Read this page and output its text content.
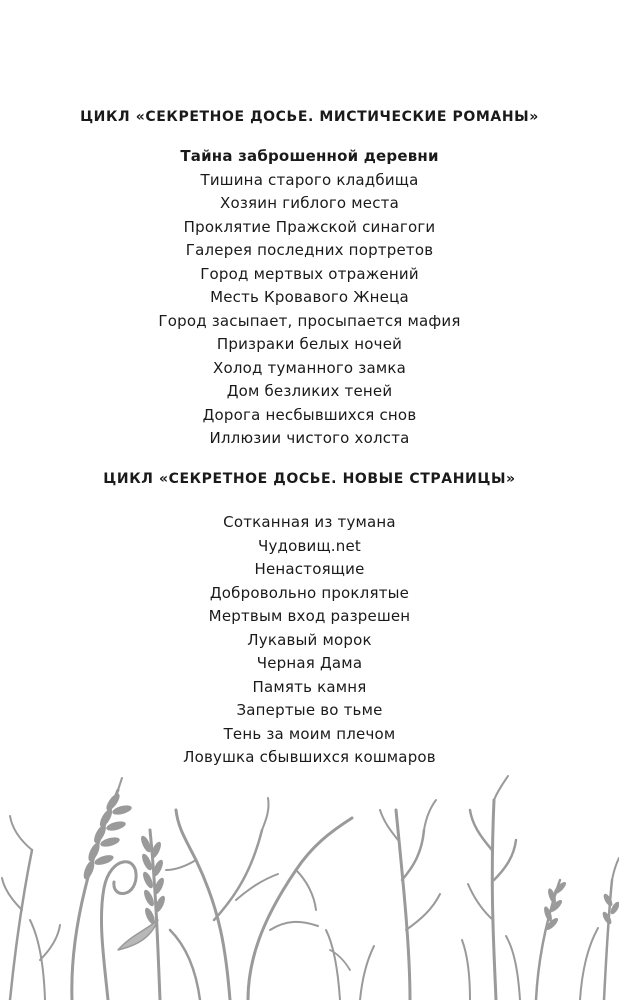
ЦИКЛ «СЕКРЕТНОЕ ДОСЬЕ. МИСТИЧЕСКИЕ РОМАНЫ»
Тайна заброшенной деревни
Тишина старого кладбища
Хозяин гиблого места
Проклятие Пражской синагоги
Галерея последних портретов
Город мертвых отражений
Месть Кровавого Жнеца
Город засыпает, просыпается мафия
Призраки белых ночей
Холод туманного замка
Дом безликих теней
Дорога несбывшихся снов
Иллюзии чистого холста
ЦИКЛ «СЕКРЕТНОЕ ДОСЬЕ. НОВЫЕ СТРАНИЦЫ»
Сотканная из тумана
Чудовищ.net
Ненастоящие
Добровольно проклятые
Мертвым вход разрешен
Лукавый морок
Черная Дама
Память камня
Запертые во тьме
Тень за моим плечом
Ловушка сбывшихся кошмаров
